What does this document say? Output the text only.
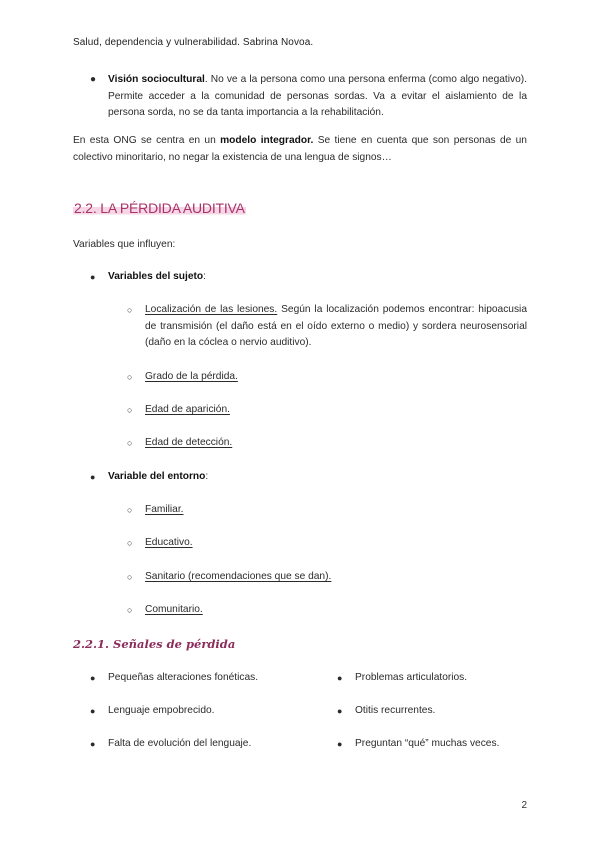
Salud, dependencia y vulnerabilidad. Sabrina Novoa.
● Visión sociocultural. No ve a la persona como una persona enferma (como algo negativo). Permite acceder a la comunidad de personas sordas. Va a evitar el aislamiento de la persona sorda, no se da tanta importancia a la rehabilitación.
En esta ONG se centra en un modelo integrador. Se tiene en cuenta que son personas de un colectivo minoritario, no negar la existencia de una lengua de signos…
2.2. LA PÉRDIDA AUDITIVA
Variables que influyen:
● Variables del sujeto:
○ Localización de las lesiones. Según la localización podemos encontrar: hipoacusia de transmisión (el daño está en el oído externo o medio) y sordera neurosensorial (daño en la cóclea o nervio auditivo).
○ Grado de la pérdida.
○ Edad de aparición.
○ Edad de detección.
● Variable del entorno:
○ Familiar.
○ Educativo.
○ Sanitario (recomendaciones que se dan).
○ Comunitario.
2.2.1. Señales de pérdida
● Pequeñas alteraciones fonéticas.
● Lenguaje empobrecido.
● Falta de evolución del lenguaje.
● Problemas articulatorios.
● Otitis recurrentes.
● Preguntan “qué” muchas veces.
2
